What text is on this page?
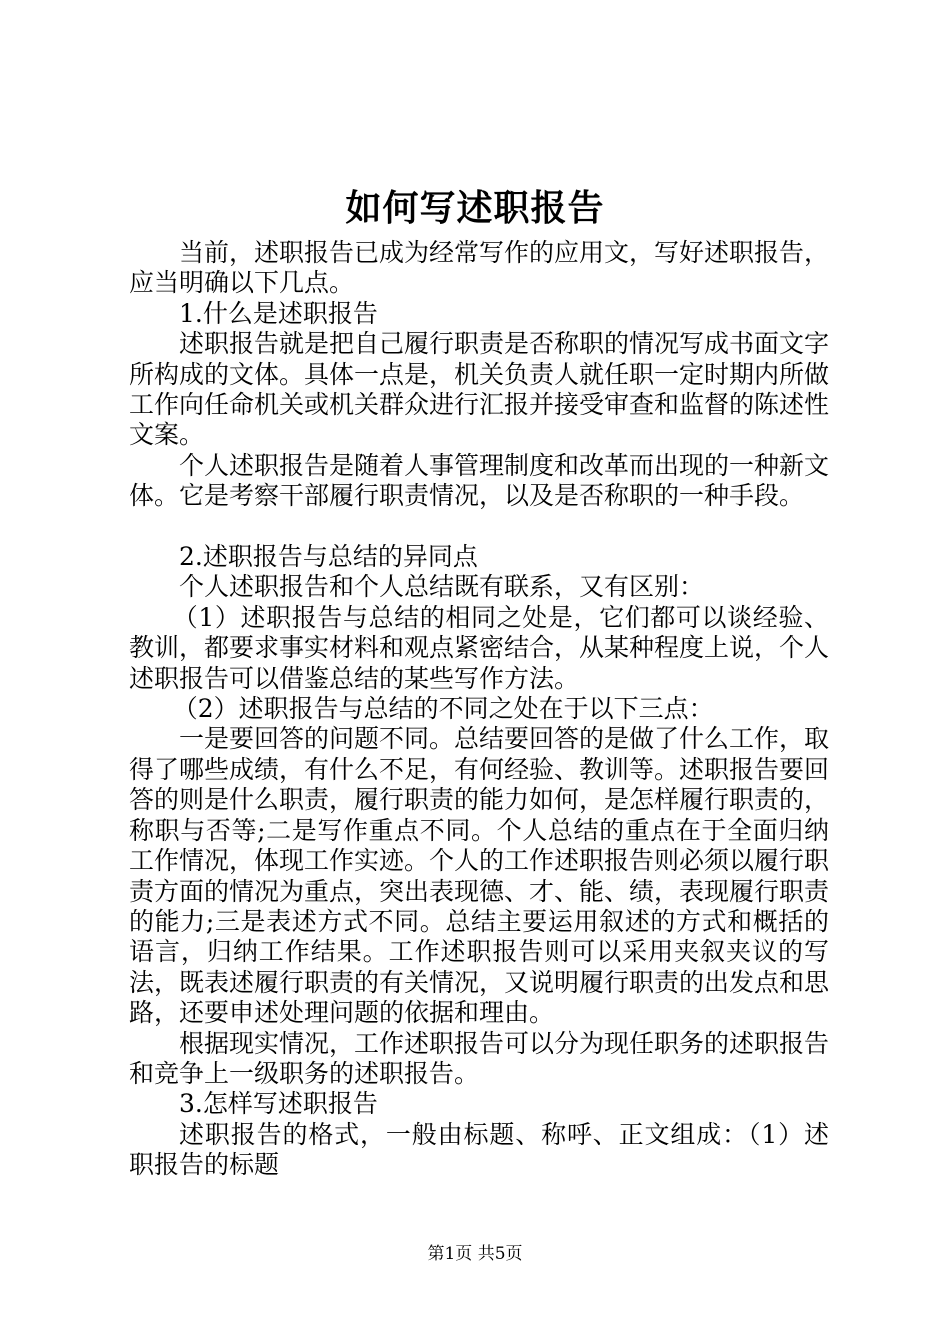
如何写述职报告

当前，述职报告已成为经常写作的应用文，写好述职报告，应当明确以下几点。

1.什么是述职报告

述职报告就是把自己履行职责是否称职的情况写成书面文字所构成的文体。具体一点是，机关负责人就任职一定时期内所做工作向任命机关或机关群众进行汇报并接受审查和监督的陈述性文案。

个人述职报告是随着人事管理制度和改革而出现的一种新文体。它是考察干部履行职责情况，以及是否称职的一种手段。

2.述职报告与总结的异同点

个人述职报告和个人总结既有联系，又有区别：

（1）述职报告与总结的相同之处是，它们都可以谈经验、教训，都要求事实材料和观点紧密结合，从某种程度上说，个人述职报告可以借鉴总结的某些写作方法。

（2）述职报告与总结的不同之处在于以下三点：

一是要回答的问题不同。总结要回答的是做了什么工作，取得了哪些成绩，有什么不足，有何经验、教训等。述职报告要回答的则是什么职责，履行职责的能力如何，是怎样履行职责的，称职与否等;二是写作重点不同。个人总结的重点在于全面归纳工作情况，体现工作实迹。个人的工作述职报告则必须以履行职责方面的情况为重点，突出表现德、才、能、绩，表现履行职责的能力;三是表述方式不同。总结主要运用叙述的方式和概括的语言，归纳工作结果。工作述职报告则可以采用夹叙夹议的写法，既表述履行职责的有关情况，又说明履行职责的出发点和思路，还要申述处理问题的依据和理由。

根据现实情况，工作述职报告可以分为现任职务的述职报告和竞争上一级职务的述职报告。

3.怎样写述职报告

述职报告的格式，一般由标题、称呼、正文组成：（1）述职报告的标题

第1页 共5页
